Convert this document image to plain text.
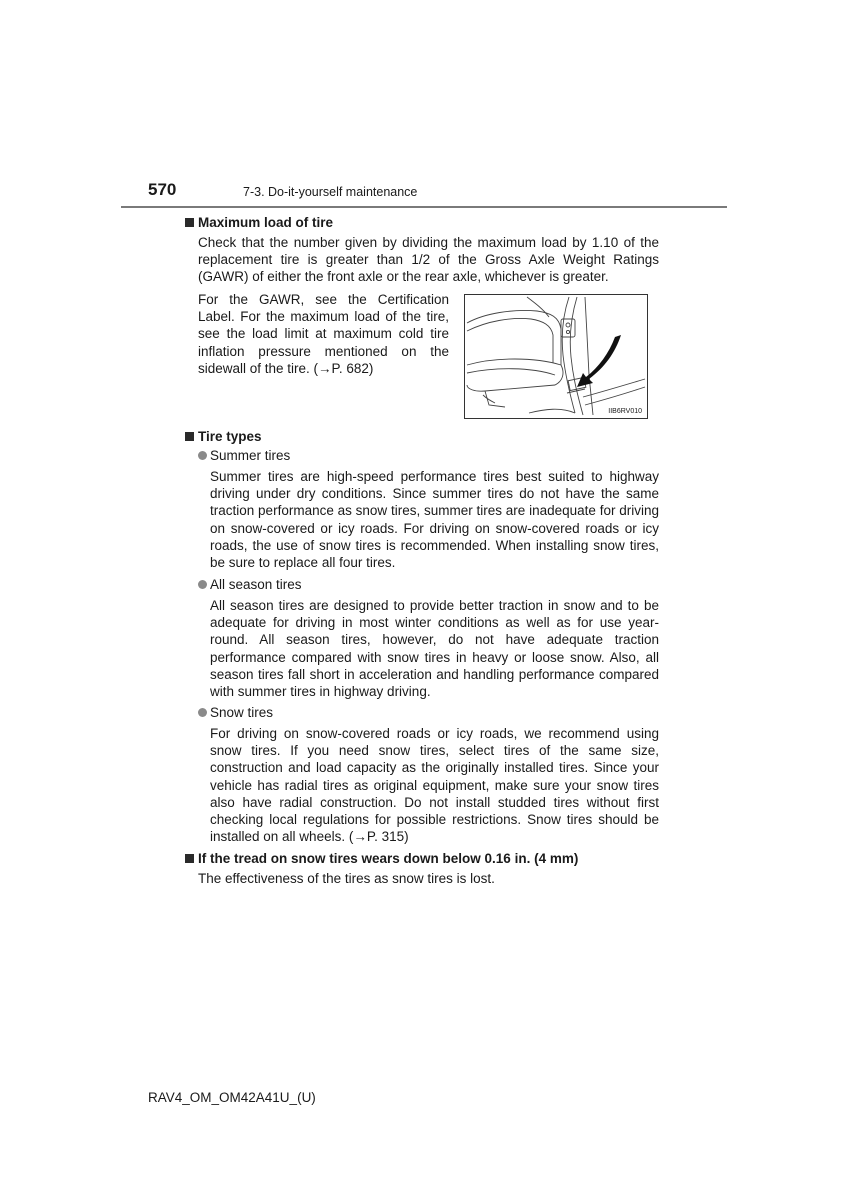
570	7-3. Do-it-yourself maintenance
Maximum load of tire

Check that the number given by dividing the maximum load by 1.10 of the replacement tire is greater than 1/2 of the Gross Axle Weight Ratings (GAWR) of either the front axle or the rear axle, whichever is greater.

For the GAWR, see the Certification Label. For the maximum load of the tire, see the load limit at maximum cold tire inflation pressure mentioned on the sidewall of the tire. (→P. 682)

IIB6RV010
Tire types
Summer tires

Summer tires are high-speed performance tires best suited to highway driving under dry conditions. Since summer tires do not have the same traction performance as snow tires, summer tires are inadequate for driving on snow-covered or icy roads. For driving on snow-covered roads or icy roads, the use of snow tires is recommended. When installing snow tires, be sure to replace all four tires.

All season tires

All season tires are designed to provide better traction in snow and to be adequate for driving in most winter conditions as well as for use year-round. All season tires, however, do not have adequate traction performance compared with snow tires in heavy or loose snow. Also, all season tires fall short in acceleration and handling performance compared with summer tires in highway driving.

Snow tires

For driving on snow-covered roads or icy roads, we recommend using snow tires. If you need snow tires, select tires of the same size, construction and load capacity as the originally installed tires. Since your vehicle has radial tires as original equipment, make sure your snow tires also have radial construction. Do not install studded tires without first checking local regulations for possible restrictions. Snow tires should be installed on all wheels. (→P. 315)

If the tread on snow tires wears down below 0.16 in. (4 mm)

The effectiveness of the tires as snow tires is lost.

RAV4_OM_OM42A41U_(U)
